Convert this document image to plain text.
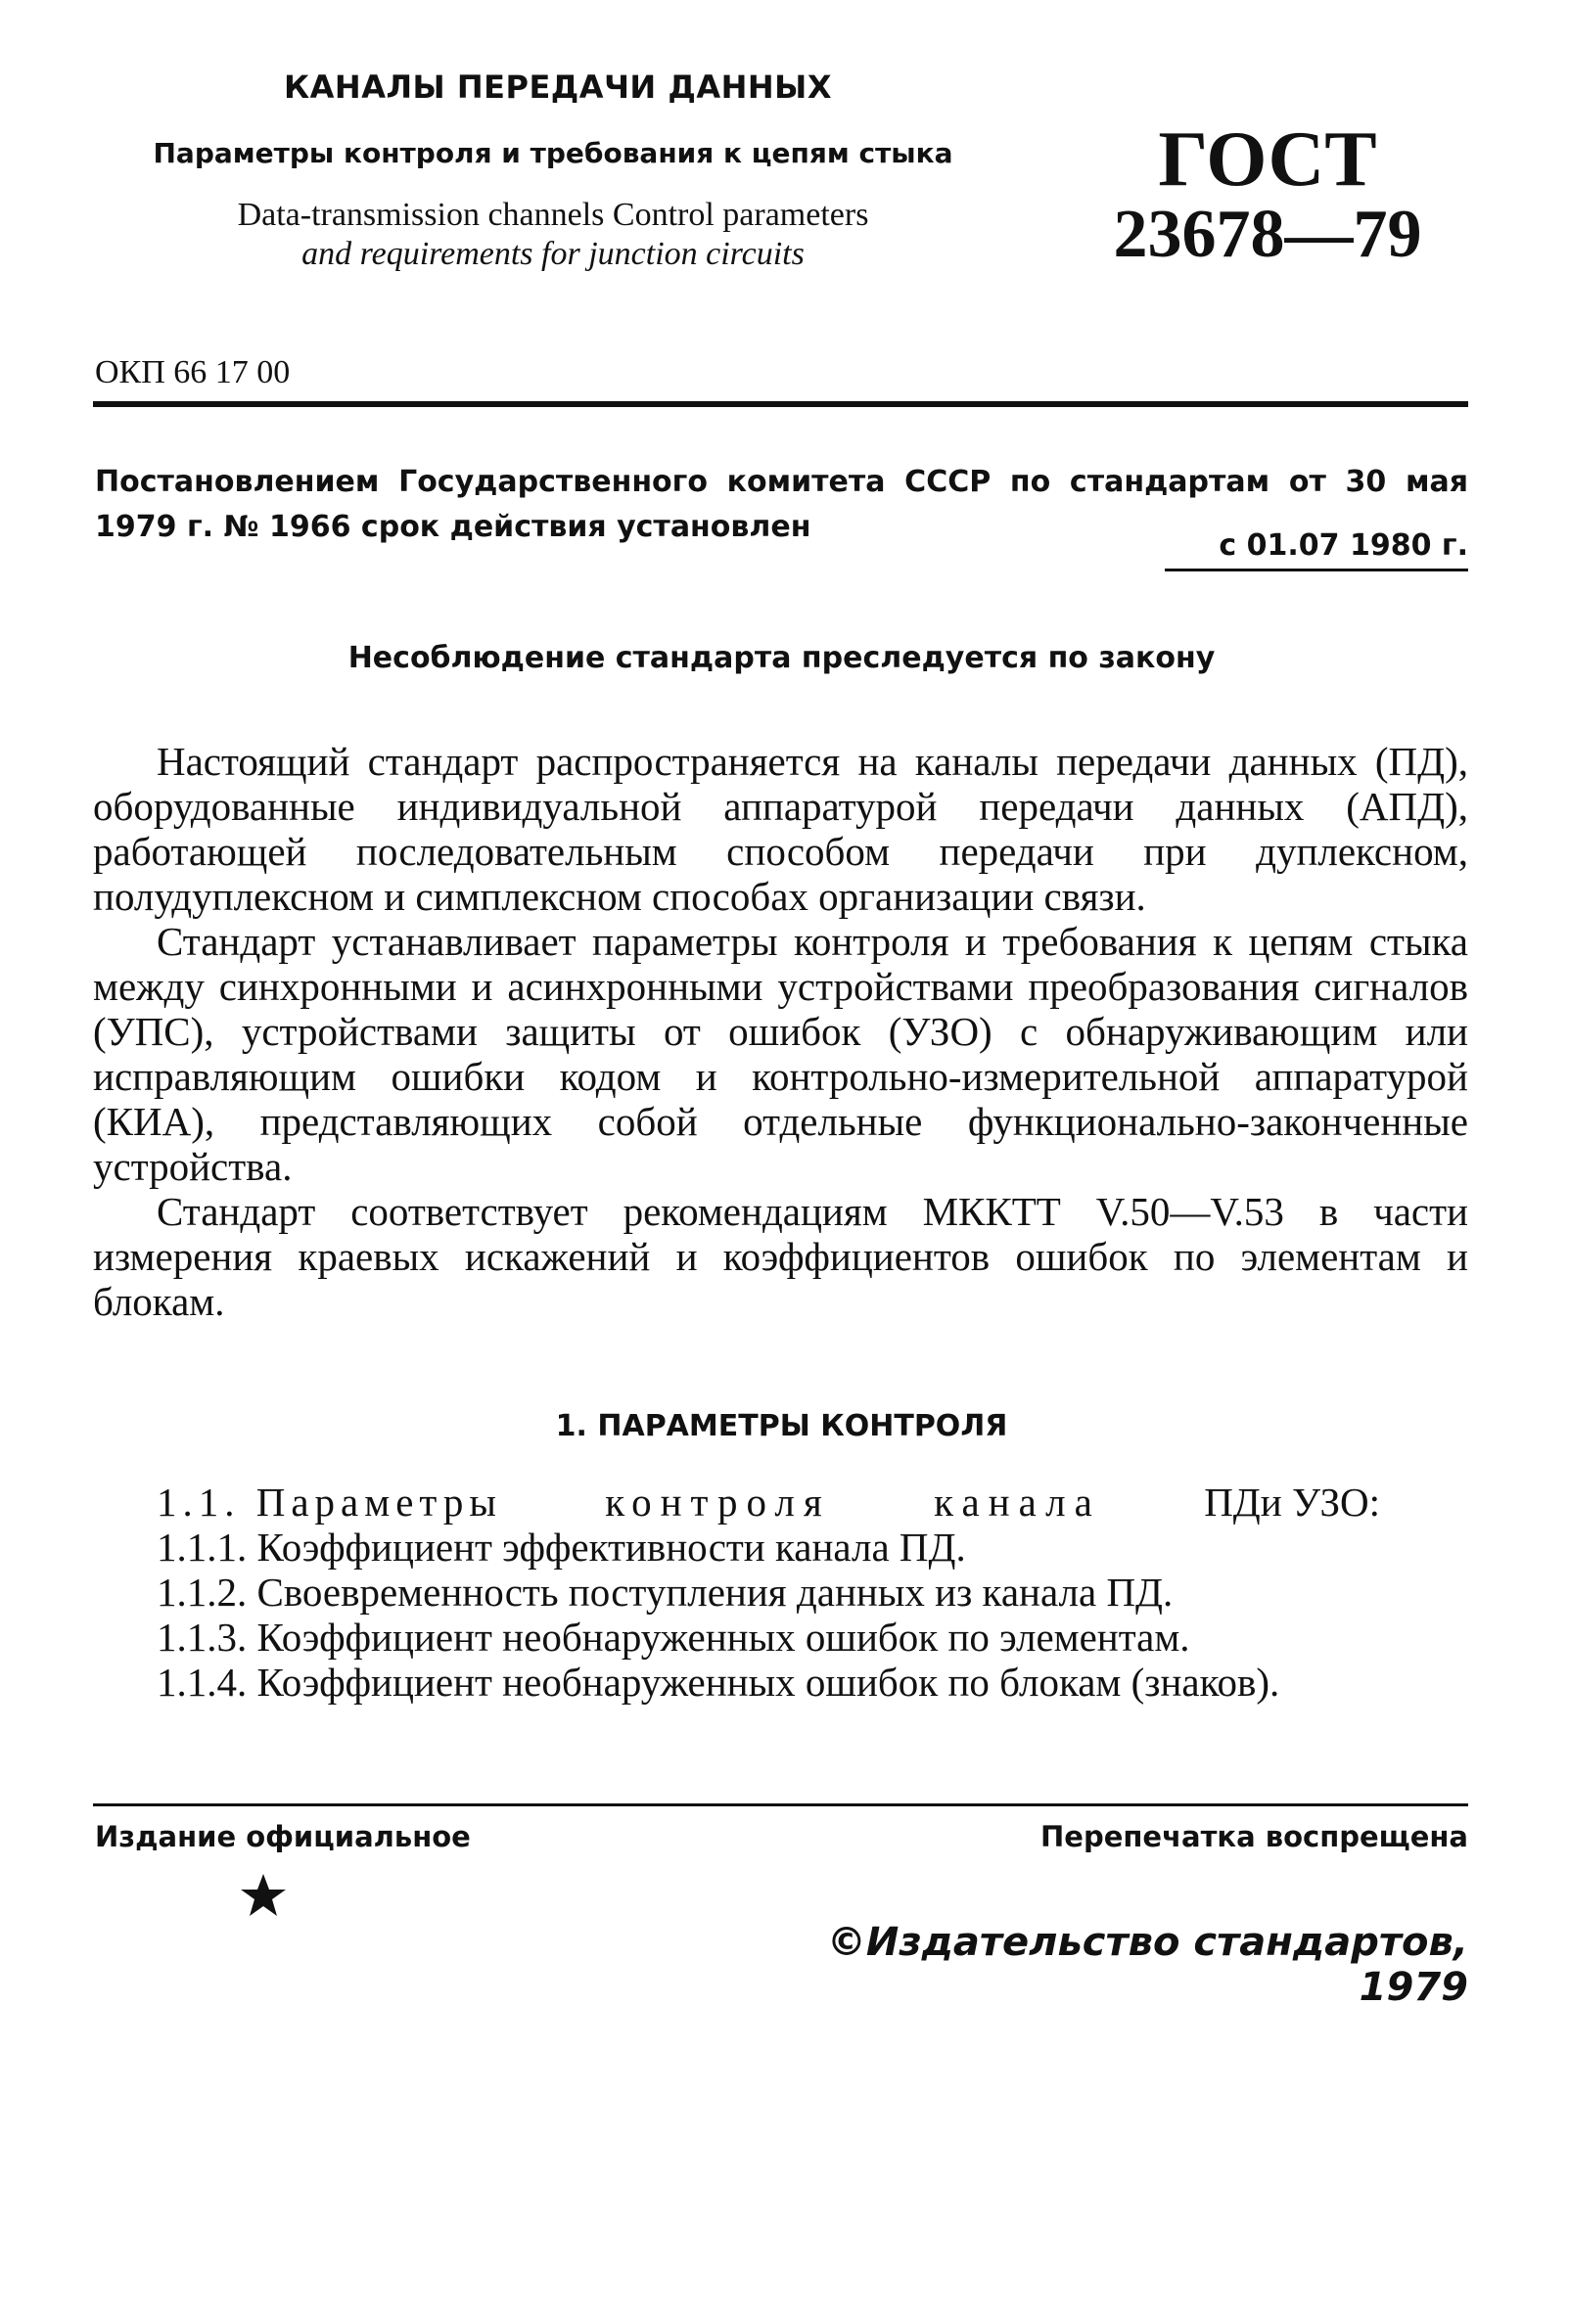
КАНАЛЫ ПЕРЕДАЧИ ДАННЫХ
Параметры контроля и требования к цепям стыка
Data-transmission channels Control parameters
and requirements for junction circuits
ГОСТ
23678—79
ОКП 66 17 00
Постановлением Государственного комитета СССР по стандартам от 30 мая 1979 г. № 1966 срок действия установлен
с 01.07 1980 г.
Несоблюдение стандарта преследуется по закону

Настоящий стандарт распространяется на каналы передачи данных (ПД), оборудованные индивидуальной аппаратурой передачи данных (АПД), работающей последовательным способом передачи при дуплексном, полудуплексном и симплексном способах организации связи.

Стандарт устанавливает параметры контроля и требования к цепям стыка между синхронными и асинхронными устройствами преобразования сигналов (УПС), устройствами защиты от ошибок (УЗО) с обнаруживающим или исправляющим ошибки кодом и контрольно-измерительной аппаратурой (КИА), представляющих собой отдельные функционально-законченные устройства.

Стандарт соответствует рекомендациям МККТТ V.50—V.53 в части измерения краевых искажений и коэффициентов ошибок по элементам и блокам.

1. ПАРАМЕТРЫ КОНТРОЛЯ
1.1. Параметры	контроля	канала	ПДи УЗО:
1.1.1. Коэффициент эффективности канала ПД.
1.1.2. Своевременность поступления данных из канала ПД.
1.1.3. Коэффициент необнаруженных ошибок по элементам.
1.1.4. Коэффициент необнаруженных ошибок по блокам (знаков).
Издание официальное	Перепечатка воспрещена
©Издательство стандартов, 1979
